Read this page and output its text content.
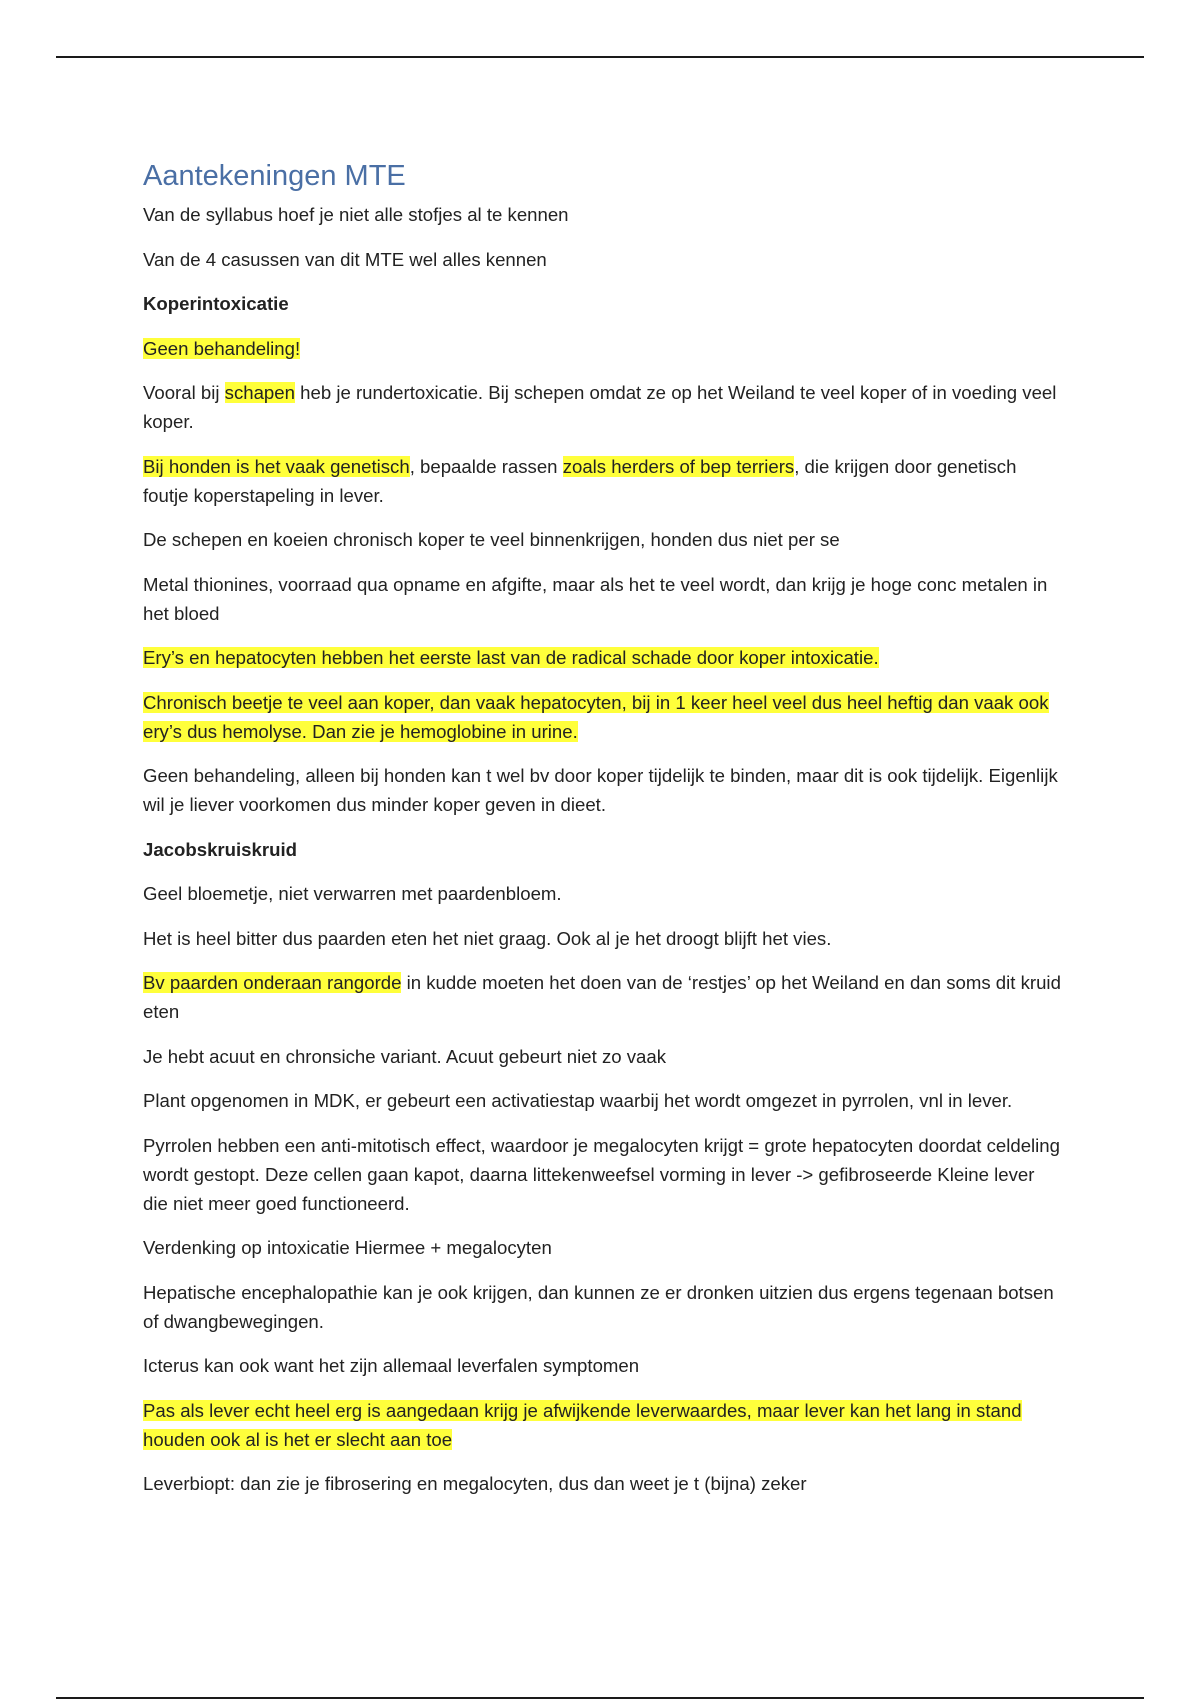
Aantekeningen MTE

Van de syllabus hoef je niet alle stofjes al te kennen

Van de 4 casussen van dit MTE wel alles kennen

Koperintoxicatie

Geen behandeling!

Vooral bij schapen heb je rundertoxicatie. Bij schepen omdat ze op het Weiland te veel koper of in voeding veel koper.

Bij honden is het vaak genetisch, bepaalde rassen zoals herders of bep terriers, die krijgen door genetisch foutje koperstapeling in lever.

De schepen en koeien chronisch koper te veel binnenkrijgen, honden dus niet per se

Metal thionines, voorraad qua opname en afgifte, maar als het te veel wordt, dan krijg je hoge conc metalen in het bloed

Ery’s en hepatocyten hebben het eerste last van de radical schade door koper intoxicatie.

Chronisch beetje te veel aan koper, dan vaak hepatocyten, bij in 1 keer heel veel dus heel heftig dan vaak ook ery’s dus hemolyse. Dan zie je hemoglobine in urine.

Geen behandeling, alleen bij honden kan t wel bv door koper tijdelijk te binden, maar dit is ook tijdelijk. Eigenlijk wil je liever voorkomen dus minder koper geven in dieet.

Jacobskruiskruid

Geel bloemetje, niet verwarren met paardenbloem.

Het is heel bitter dus paarden eten het niet graag. Ook al je het droogt blijft het vies.

Bv paarden onderaan rangorde in kudde moeten het doen van de ‘restjes’ op het Weiland en dan soms dit kruid eten

Je hebt acuut en chronsiche variant. Acuut gebeurt niet zo vaak

Plant opgenomen in MDK, er gebeurt een activatiestap waarbij het wordt omgezet in pyrrolen, vnl in lever.

Pyrrolen hebben een anti-mitotisch effect, waardoor je megalocyten krijgt = grote hepatocyten doordat celdeling wordt gestopt. Deze cellen gaan kapot, daarna littekenweefsel vorming in lever -> gefibroseerde Kleine lever die niet meer goed functioneerd.

Verdenking op intoxicatie Hiermee + megalocyten

Hepatische encephalopathie kan je ook krijgen, dan kunnen ze er dronken uitzien dus ergens tegenaan botsen of dwangbewegingen.

Icterus kan ook want het zijn allemaal leverfalen symptomen

Pas als lever echt heel erg is aangedaan krijg je afwijkende leverwaardes, maar lever kan het lang in stand houden ook al is het er slecht aan toe

Leverbiopt: dan zie je fibrosering en megalocyten, dus dan weet je t (bijna) zeker
